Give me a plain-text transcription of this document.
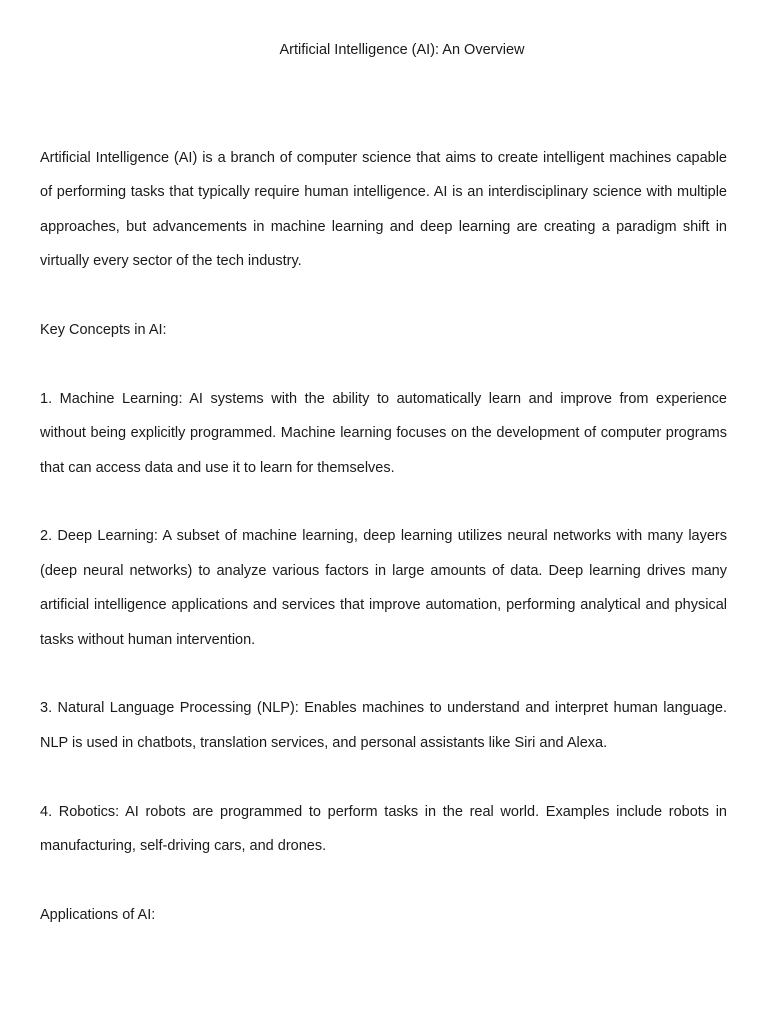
Artificial Intelligence (AI): An Overview

Artificial Intelligence (AI) is a branch of computer science that aims to create intelligent machines capable of performing tasks that typically require human intelligence. AI is an interdisciplinary science with multiple approaches, but advancements in machine learning and deep learning are creating a paradigm shift in virtually every sector of the tech industry.

Key Concepts in AI:

1. Machine Learning: AI systems with the ability to automatically learn and improve from experience without being explicitly programmed. Machine learning focuses on the development of computer programs that can access data and use it to learn for themselves.

2. Deep Learning: A subset of machine learning, deep learning utilizes neural networks with many layers (deep neural networks) to analyze various factors in large amounts of data. Deep learning drives many artificial intelligence applications and services that improve automation, performing analytical and physical tasks without human intervention.

3. Natural Language Processing (NLP): Enables machines to understand and interpret human language. NLP is used in chatbots, translation services, and personal assistants like Siri and Alexa.

4. Robotics: AI robots are programmed to perform tasks in the real world. Examples include robots in manufacturing, self-driving cars, and drones.

Applications of AI:
